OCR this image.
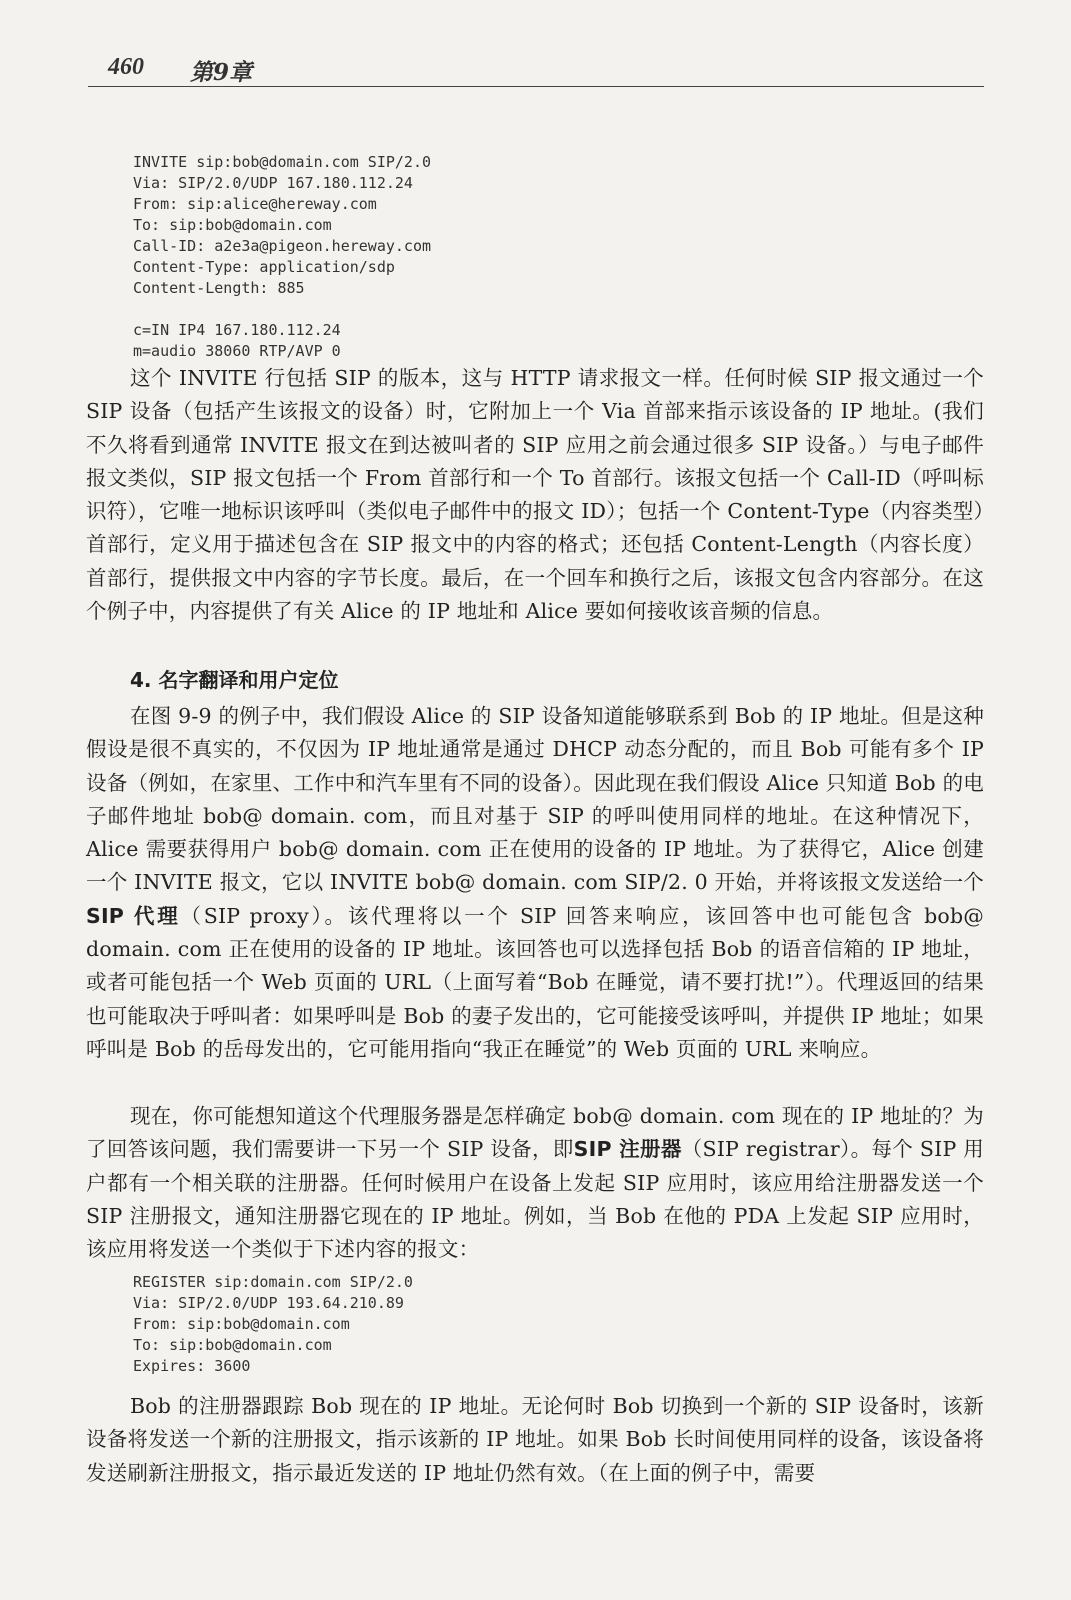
460 第9章
INVITE sip:bob@domain.com SIP/2.0
Via: SIP/2.0/UDP 167.180.112.24
From: sip:alice@hereway.com
To: sip:bob@domain.com
Call-ID: a2e3a@pigeon.hereway.com
Content-Type: application/sdp
Content-Length: 885

c=IN IP4 167.180.112.24
m=audio 38060 RTP/AVP 0

这个 INVITE 行包括 SIP 的版本，这与 HTTP 请求报文一样。任何时候 SIP 报文通过一个 SIP 设备（包括产生该报文的设备）时，它附加上一个 Via 首部来指示该设备的 IP 地址。(我们不久将看到通常 INVITE 报文在到达被叫者的 SIP 应用之前会通过很多 SIP 设备。）与电子邮件报文类似，SIP 报文包括一个 From 首部行和一个 To 首部行。该报文包括一个 Call-ID（呼叫标识符），它唯一地标识该呼叫（类似电子邮件中的报文 ID）；包括一个 Content-Type（内容类型）首部行，定义用于描述包含在 SIP 报文中的内容的格式；还包括 Content-Length（内容长度）首部行，提供报文中内容的字节长度。最后，在一个回车和换行之后，该报文包含内容部分。在这个例子中，内容提供了有关 Alice 的 IP 地址和 Alice 要如何接收该音频的信息。

4. 名字翻译和用户定位

在图 9-9 的例子中，我们假设 Alice 的 SIP 设备知道能够联系到 Bob 的 IP 地址。但是这种假设是很不真实的，不仅因为 IP 地址通常是通过 DHCP 动态分配的，而且 Bob 可能有多个 IP 设备（例如，在家里、工作中和汽车里有不同的设备）。因此现在我们假设 Alice 只知道 Bob 的电子邮件地址 bob@ domain. com，而且对基于 SIP 的呼叫使用同样的地址。在这种情况下，Alice 需要获得用户 bob@ domain. com 正在使用的设备的 IP 地址。为了获得它，Alice 创建一个 INVITE 报文，它以 INVITE bob@ domain. com SIP/2. 0 开始，并将该报文发送给一个SIP 代理（SIP proxy）。该代理将以一个 SIP 回答来响应，该回答中也可能包含 bob@ domain. com 正在使用的设备的 IP 地址。该回答也可以选择包括 Bob 的语音信箱的 IP 地址，或者可能包括一个 Web 页面的 URL（上面写着“Bob 在睡觉，请不要打扰!”）。代理返回的结果也可能取决于呼叫者：如果呼叫是 Bob 的妻子发出的，它可能接受该呼叫，并提供 IP 地址；如果呼叫是 Bob 的岳母发出的，它可能用指向“我正在睡觉”的 Web 页面的 URL 来响应。

现在，你可能想知道这个代理服务器是怎样确定 bob@ domain. com 现在的 IP 地址的？为了回答该问题，我们需要讲一下另一个 SIP 设备，即SIP 注册器（SIP registrar）。每个 SIP 用户都有一个相关联的注册器。任何时候用户在设备上发起 SIP 应用时，该应用给注册器发送一个 SIP 注册报文，通知注册器它现在的 IP 地址。例如，当 Bob 在他的 PDA 上发起 SIP 应用时，该应用将发送一个类似于下述内容的报文：

REGISTER sip:domain.com SIP/2.0
Via: SIP/2.0/UDP 193.64.210.89
From: sip:bob@domain.com
To: sip:bob@domain.com
Expires: 3600

Bob 的注册器跟踪 Bob 现在的 IP 地址。无论何时 Bob 切换到一个新的 SIP 设备时，该新设备将发送一个新的注册报文，指示该新的 IP 地址。如果 Bob 长时间使用同样的设备，该设备将发送刷新注册报文，指示最近发送的 IP 地址仍然有效。（在上面的例子中，需要
